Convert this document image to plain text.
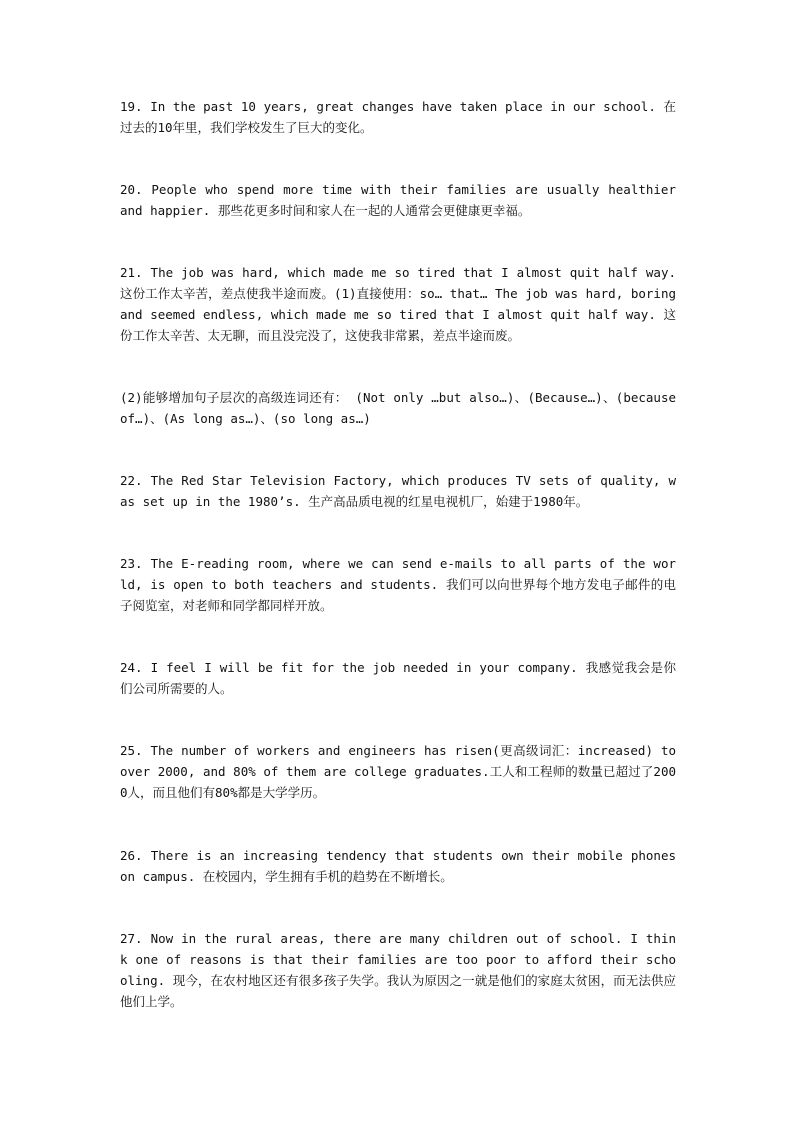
19. In the past 10 years, great changes have taken place in our school. 在过去的10年里，我们学校发生了巨大的变化。

20. People who spend more time with their families are usually healthier and happier. 那些花更多时间和家人在一起的人通常会更健康更幸福。

21. The job was hard, which made me so tired that I almost quit half way. 这份工作太辛苦，差点使我半途而废。(1)直接使用：so… that… The job was hard, boring and seemed endless, which made me so tired that I almost quit half way. 这份工作太辛苦、太无聊，而且没完没了，这使我非常累，差点半途而废。

(2)能够增加句子层次的高级连词还有： (Not only …but also…)、(Because…)、(because of…)、(As long as…)、(so long as…)

22. The Red Star Television Factory, which produces TV sets of quality, was set up in the 1980’s. 生产高品质电视的红星电视机厂，始建于1980年。

23. The E-reading room, where we can send e-mails to all parts of the world, is open to both teachers and students. 我们可以向世界每个地方发电子邮件的电子阅览室，对老师和同学都同样开放。

24. I feel I will be fit for the job needed in your company. 我感觉我会是你们公司所需要的人。

25. The number of workers and engineers has risen(更高级词汇：increased) to over 2000, and 80% of them are college graduates.工人和工程师的数量已超过了2000人，而且他们有80%都是大学学历。

26. There is an increasing tendency that students own their mobile phones on campus. 在校园内，学生拥有手机的趋势在不断增长。

27. Now in the rural areas, there are many children out of school. I think one of reasons is that their families are too poor to afford their schooling. 现今，在农村地区还有很多孩子失学。我认为原因之一就是他们的家庭太贫困，而无法供应他们上学。
